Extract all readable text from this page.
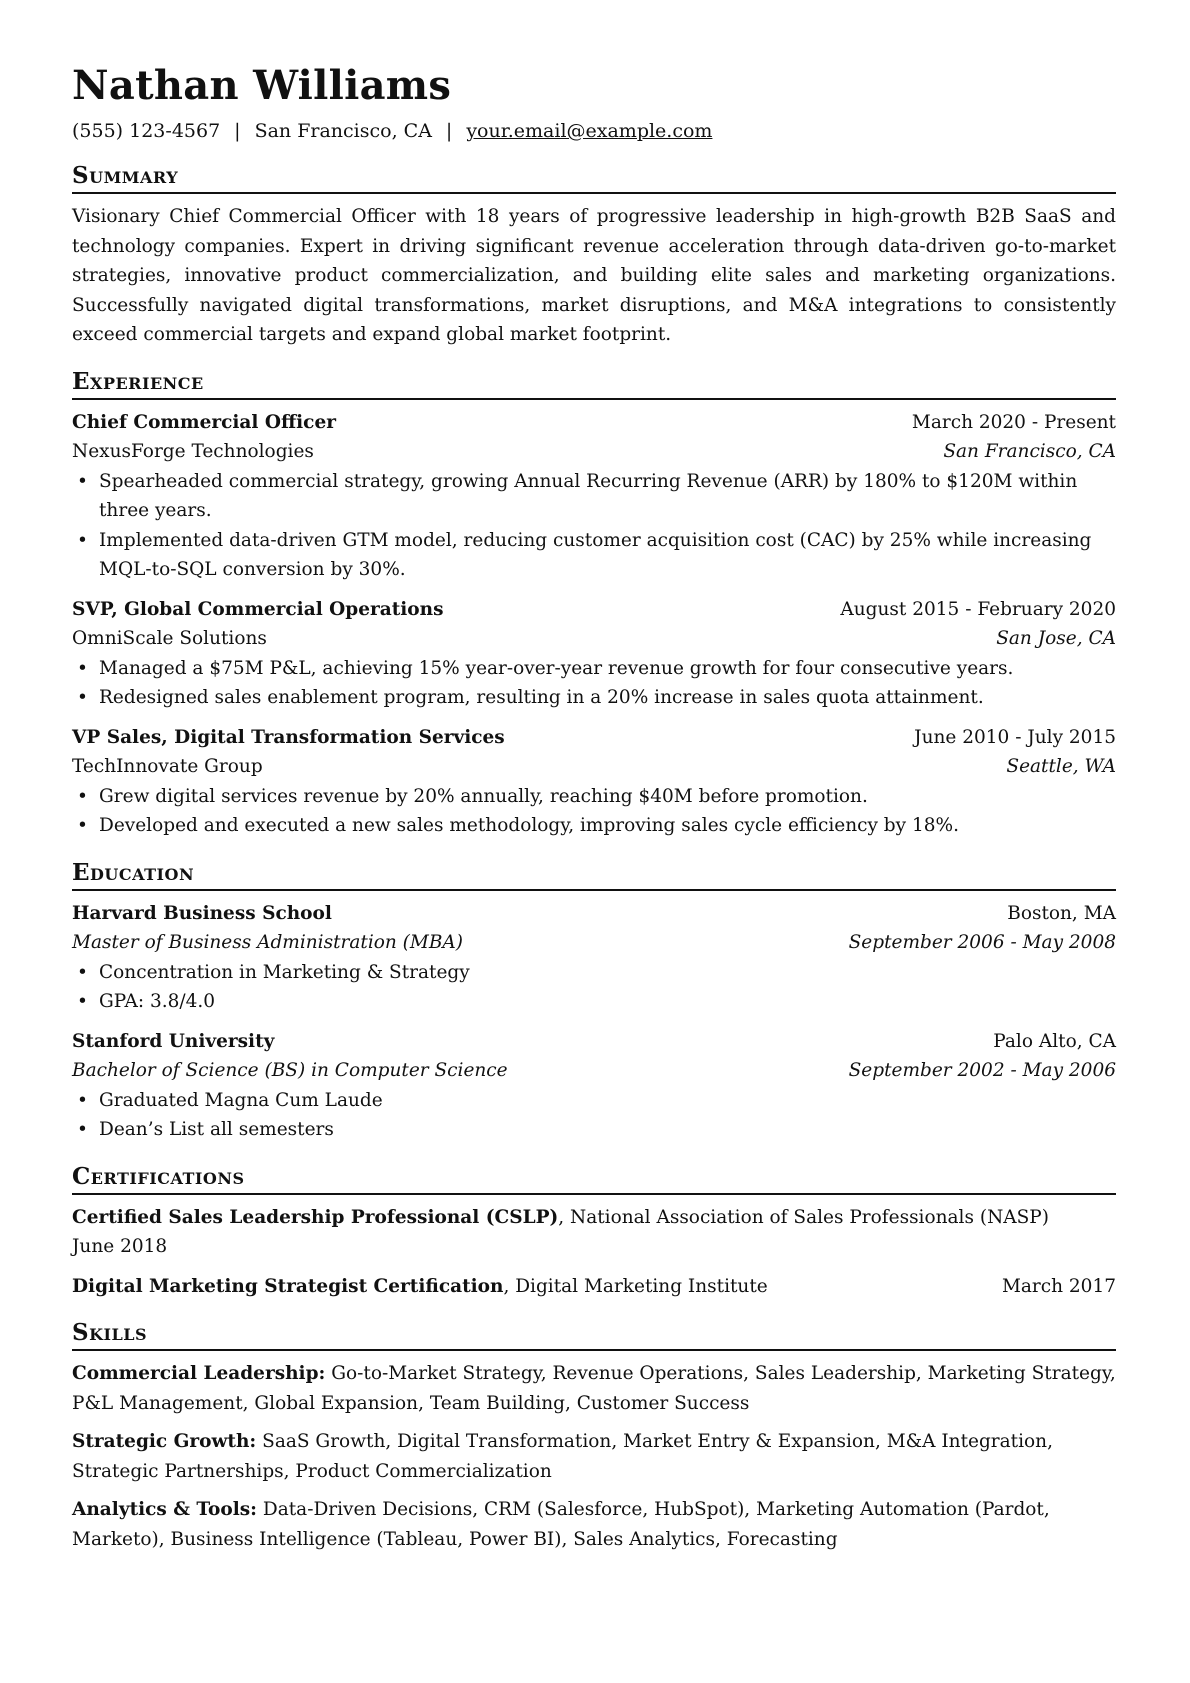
Nathan Williams
(555) 123-4567 | San Francisco, CA | your.email@example.com
Summary

Visionary Chief Commercial Officer with 18 years of progressive leadership in high-growth B2B SaaS and technology companies. Expert in driving significant revenue acceleration through data-driven go-to-market strategies, innovative product commercialization, and building elite sales and marketing organizations. Successfully navigated digital transformations, market disruptions, and M&A integrations to consistently exceed commercial targets and expand global market footprint.

Experience
Chief Commercial Officer	March 2020 - Present
NexusForge Technologies	San Francisco, CA
• Spearheaded commercial strategy, growing Annual Recurring Revenue (ARR) by 180% to $120M within three years.
• Implemented data-driven GTM model, reducing customer acquisition cost (CAC) by 25% while increasing MQL-to-SQL conversion by 30%.
SVP, Global Commercial Operations	August 2015 - February 2020
OmniScale Solutions	San Jose, CA
• Managed a $75M P&L, achieving 15% year-over-year revenue growth for four consecutive years.
• Redesigned sales enablement program, resulting in a 20% increase in sales quota attainment.
VP Sales, Digital Transformation Services	June 2010 - July 2015
TechInnovate Group	Seattle, WA
• Grew digital services revenue by 20% annually, reaching $40M before promotion.
• Developed and executed a new sales methodology, improving sales cycle efficiency by 18%.
Education
Harvard Business School	Boston, MA
Master of Business Administration (MBA)	September 2006 - May 2008
• Concentration in Marketing & Strategy
• GPA: 3.8/4.0
Stanford University	Palo Alto, CA
Bachelor of Science (BS) in Computer Science	September 2002 - May 2006
• Graduated Magna Cum Laude
• Dean’s List all semesters
Certifications
Certified Sales Leadership Professional (CSLP), National Association of Sales Professionals (NASP)
June 2018
Digital Marketing Strategist Certification, Digital Marketing Institute	March 2017
Skills
Commercial Leadership: Go-to-Market Strategy, Revenue Operations, Sales Leadership, Marketing Strategy, P&L Management, Global Expansion, Team Building, Customer Success
Strategic Growth: SaaS Growth, Digital Transformation, Market Entry & Expansion, M&A Integration, Strategic Partnerships, Product Commercialization
Analytics & Tools: Data-Driven Decisions, CRM (Salesforce, HubSpot), Marketing Automation (Pardot, Marketo), Business Intelligence (Tableau, Power BI), Sales Analytics, Forecasting
